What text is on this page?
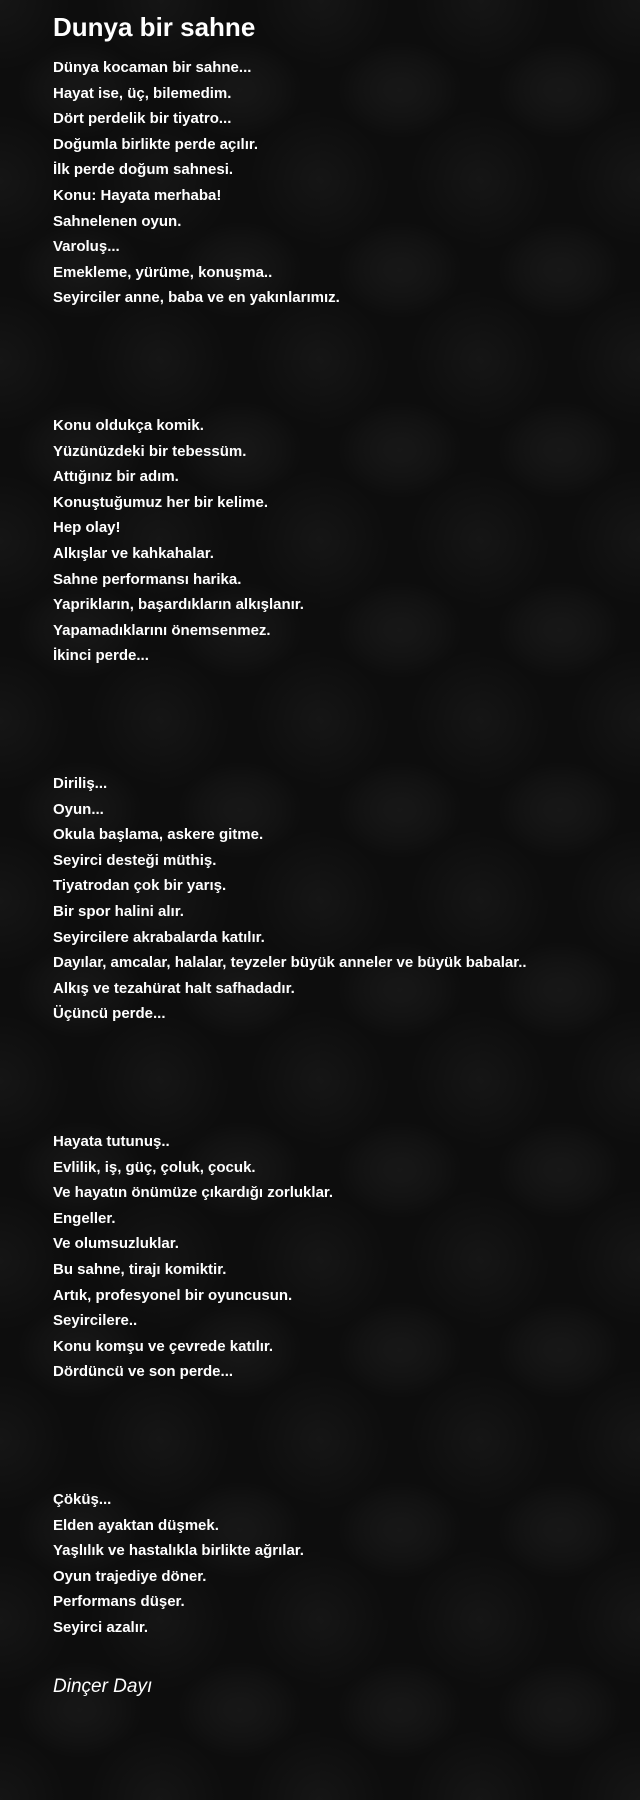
Dunya bir sahne
Dünya kocaman bir sahne...
Hayat ise, üç, bilemedim.
Dört perdelik bir tiyatro...
Doğumla birlikte perde açılır.
İlk perde doğum sahnesi.
Konu: Hayata merhaba!
Sahnelenen oyun.
Varoluş...
Emekleme, yürüme, konuşma..
Seyirciler anne, baba ve en yakınlarımız.
Konu oldukça komik.
Yüzünüzdeki bir tebessüm.
Attığınız bir adım.
Konuştuğumuz her bir kelime.
Hep olay!
Alkışlar ve kahkahalar.
Sahne performansı harika.
Yaprikların, başardıkların alkışlanır.
Yapamadıklarını önemsenmez.
İkinci perde...
Diriliş...
Oyun...
Okula başlama, askere gitme.
Seyirci desteği müthiş.
Tiyatrodan çok bir yarış.
Bir spor halini alır.
Seyircilere akrabalarda katılır.
Dayılar, amcalar, halalar, teyzeler büyük anneler ve büyük babalar..
Alkış ve tezahürat halt safhadadır.
Üçüncü perde...
Hayata tutunuş..
Evlilik, iş, güç, çoluk, çocuk.
Ve hayatın önümüze çıkardığı zorluklar.
Engeller.
Ve olumsuzluklar.
Bu sahne, tirajı komiktir.
Artık, profesyonel bir oyuncusun.
Seyircilere..
Konu komşu ve çevrede katılır.
Dördüncü ve son perde...
Çöküş...
Elden ayaktan düşmek.
Yaşlılık ve hastalıkla birlikte ağrılar.
Oyun trajediye döner.
Performans düşer.
Seyirci azalır.
Dinçer Dayı
